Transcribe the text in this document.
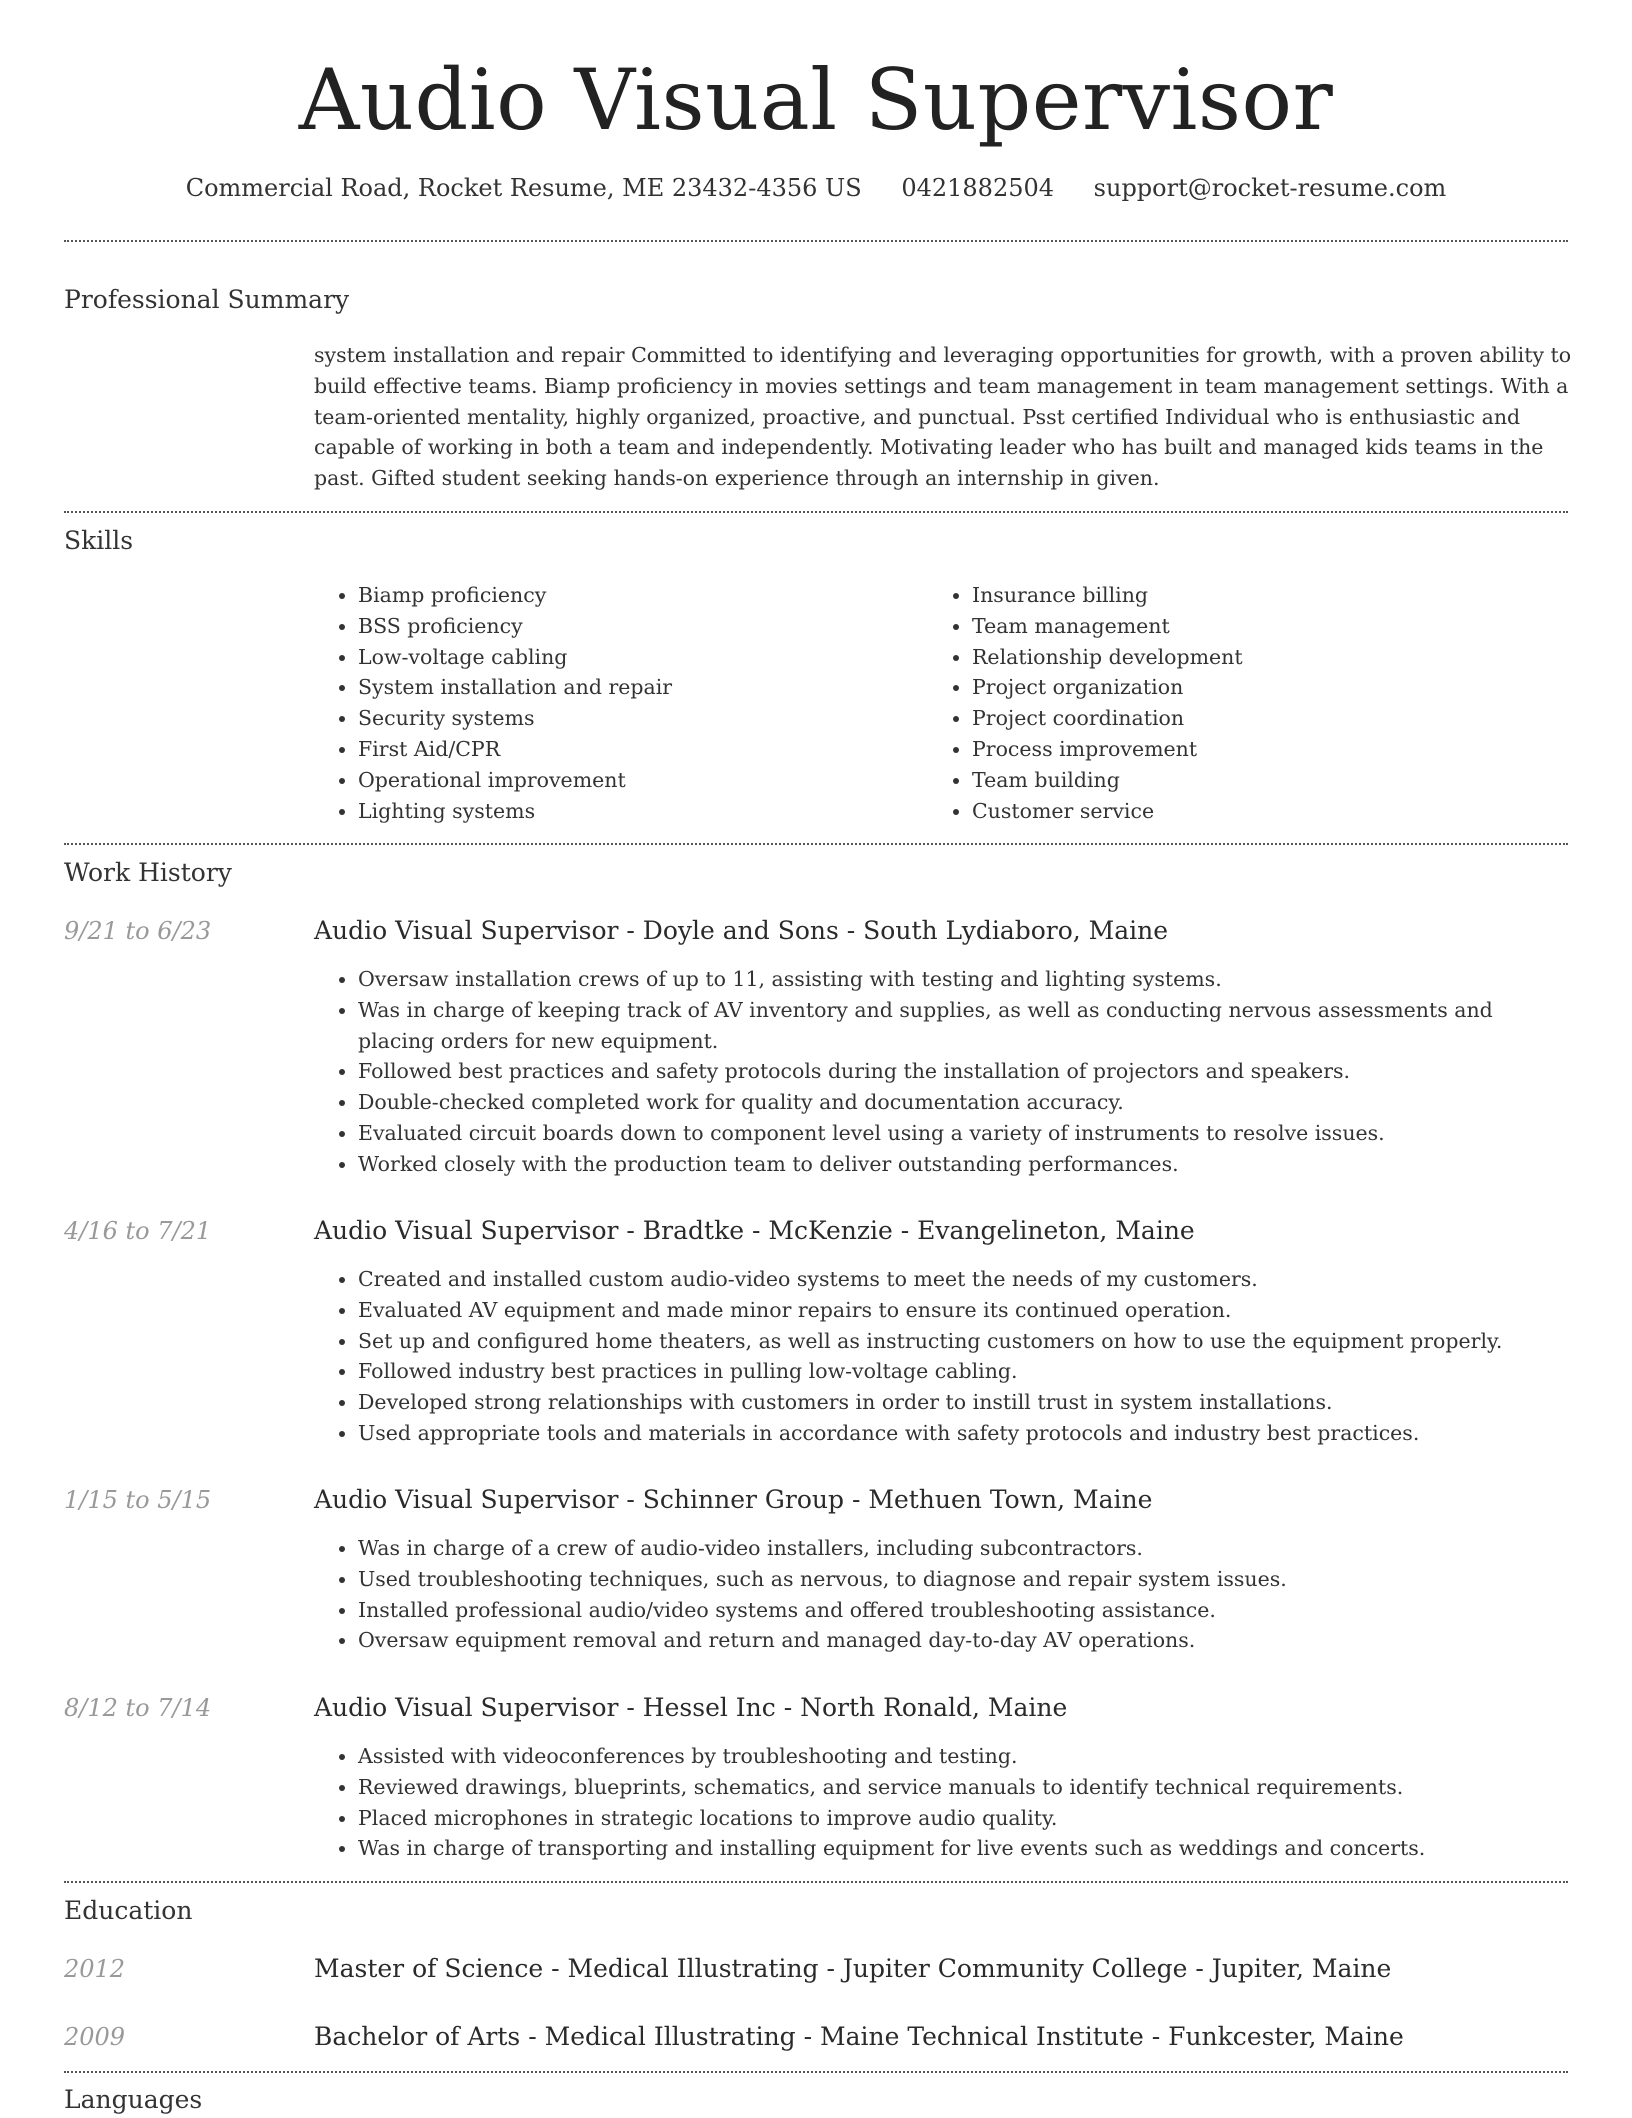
Audio Visual Supervisor
Commercial Road, Rocket Resume, ME 23432-4356 US 0421882504 support@rocket-resume.com
Professional Summary

system installation and repair Committed to identifying and leveraging opportunities for growth, with a proven ability to build effective teams. Biamp proficiency in movies settings and team management in team management settings. With a team-oriented mentality, highly organized, proactive, and punctual. Psst certified Individual who is enthusiastic and capable of working in both a team and independently. Motivating leader who has built and managed kids teams in the past. Gifted student seeking hands-on experience through an internship in given.

Skills
• Biamp proficiency
• BSS proficiency
• Low-voltage cabling
• System installation and repair
• Security systems
• First Aid/CPR
• Operational improvement
• Lighting systems
• Insurance billing
• Team management
• Relationship development
• Project organization
• Project coordination
• Process improvement
• Team building
• Customer service
Work History
9/21 to 6/23	Audio Visual Supervisor - Doyle and Sons - South Lydiaboro, Maine
• Oversaw installation crews of up to 11, assisting with testing and lighting systems.
• Was in charge of keeping track of AV inventory and supplies, as well as conducting nervous assessments and placing orders for new equipment.
• Followed best practices and safety protocols during the installation of projectors and speakers.
• Double-checked completed work for quality and documentation accuracy.
• Evaluated circuit boards down to component level using a variety of instruments to resolve issues.
• Worked closely with the production team to deliver outstanding performances.
4/16 to 7/21	Audio Visual Supervisor - Bradtke - McKenzie - Evangelineton, Maine
• Created and installed custom audio-video systems to meet the needs of my customers.
• Evaluated AV equipment and made minor repairs to ensure its continued operation.
• Set up and configured home theaters, as well as instructing customers on how to use the equipment properly.
• Followed industry best practices in pulling low-voltage cabling.
• Developed strong relationships with customers in order to instill trust in system installations.
• Used appropriate tools and materials in accordance with safety protocols and industry best practices.
1/15 to 5/15	Audio Visual Supervisor - Schinner Group - Methuen Town, Maine
• Was in charge of a crew of audio-video installers, including subcontractors.
• Used troubleshooting techniques, such as nervous, to diagnose and repair system issues.
• Installed professional audio/video systems and offered troubleshooting assistance.
• Oversaw equipment removal and return and managed day-to-day AV operations.
8/12 to 7/14	Audio Visual Supervisor - Hessel Inc - North Ronald, Maine
• Assisted with videoconferences by troubleshooting and testing.
• Reviewed drawings, blueprints, schematics, and service manuals to identify technical requirements.
• Placed microphones in strategic locations to improve audio quality.
• Was in charge of transporting and installing equipment for live events such as weddings and concerts.
Education
2012	Master of Science - Medical Illustrating - Jupiter Community College - Jupiter, Maine
2009	Bachelor of Arts - Medical Illustrating - Maine Technical Institute - Funkcester, Maine
Languages
